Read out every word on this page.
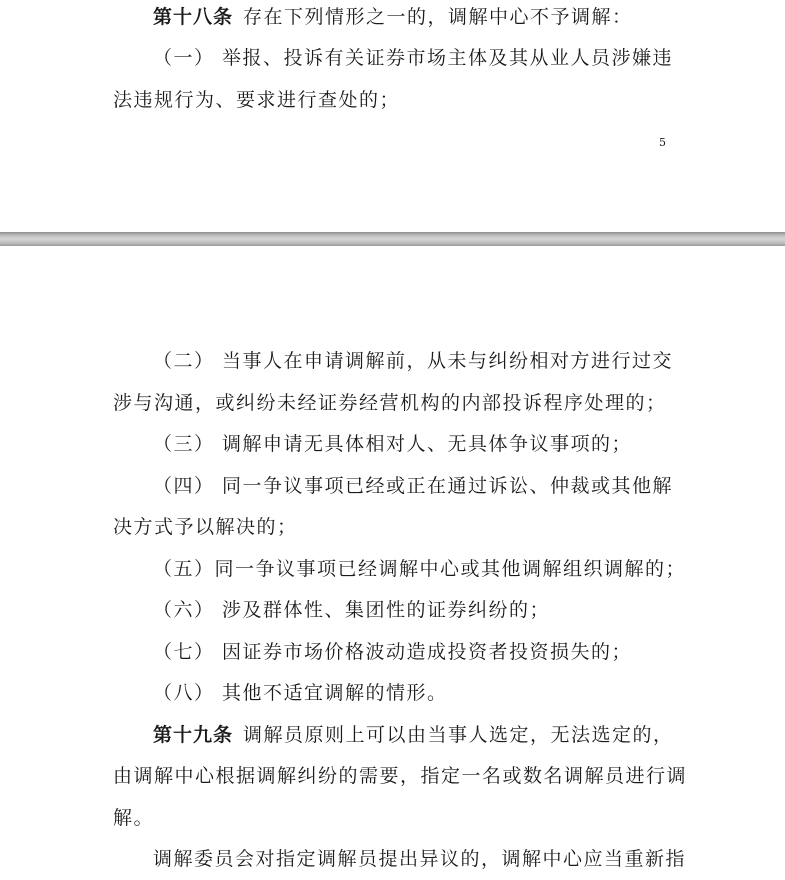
第十八条 存在下列情形之一的，调解中心不予调解：
（一） 举报、投诉有关证券市场主体及其从业人员涉嫌违
法违规行为、要求进行查处的；
5
（二） 当事人在申请调解前，从未与纠纷相对方进行过交
涉与沟通，或纠纷未经证券经营机构的内部投诉程序处理的；
（三） 调解申请无具体相对人、无具体争议事项的；
（四） 同一争议事项已经或正在通过诉讼、仲裁或其他解
决方式予以解决的；
（五）同一争议事项已经调解中心或其他调解组织调解的；
（六） 涉及群体性、集团性的证券纠纷的；
（七） 因证券市场价格波动造成投资者投资损失的；
（八） 其他不适宜调解的情形。
第十九条 调解员原则上可以由当事人选定，无法选定的，
由调解中心根据调解纠纷的需要，指定一名或数名调解员进行调
解。
调解委员会对指定调解员提出异议的，调解中心应当重新指
